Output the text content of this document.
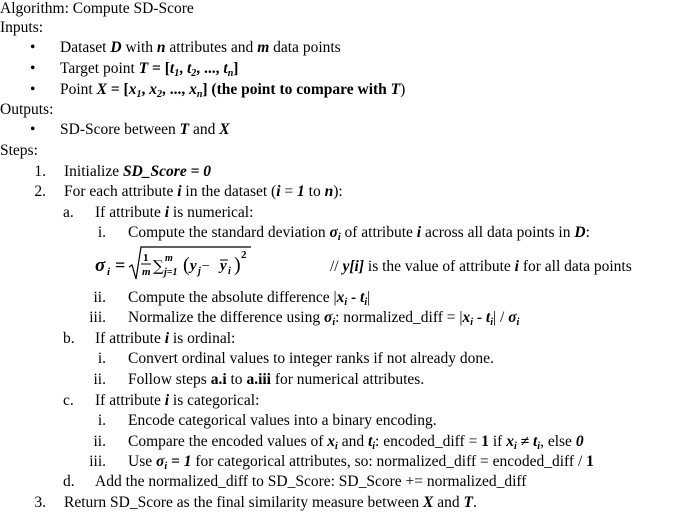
Algorithm: Compute SD-Score
Inputs:
• Dataset D with n attributes and m data points
• Target point $T = [t_1$, $t_2$, ..., $t_n$]
• Point $X = [x_1$, $x_2$, ..., $x_n$] (the point to compare with T)
Outputs:
• SD-Score between T and X
Steps:
1. Initialize SD_Score = 0
2. For each attribute i in the dataset (i = 1 to n):
a. If attribute i is numerical:
i. Compute the standard deviation $\sigma_i$ of attribute i across all data points in D:
σ i = 1
m ∑ m
j=1 ( y j − y i ) 2
// y[i] is the value of attribute i for all data points
ii. Compute the absolute difference $|x_i - t_i|$
iii. Normalize the difference using $\sigma_i$: normalized_diff = $|x_i - t_i| / \sigma_i$
b. If attribute i is ordinal:
i. Convert ordinal values to integer ranks if not already done.
ii. Follow steps a.i to a.iii for numerical attributes.
c. If attribute i is categorical:
i. Encode categorical values into a binary encoding.
ii. Compare the encoded values of $x_i$ and $t_i$: encoded_diff = 1 if $x_i \ne t_i$, else 0
iii. Use $\sigma_i = 1$ for categorical attributes, so: normalized_diff = encoded_diff / 1
d. Add the normalized_diff to SD_Score: SD_Score += normalized_diff
3. Return SD_Score as the final similarity measure between X and T.
